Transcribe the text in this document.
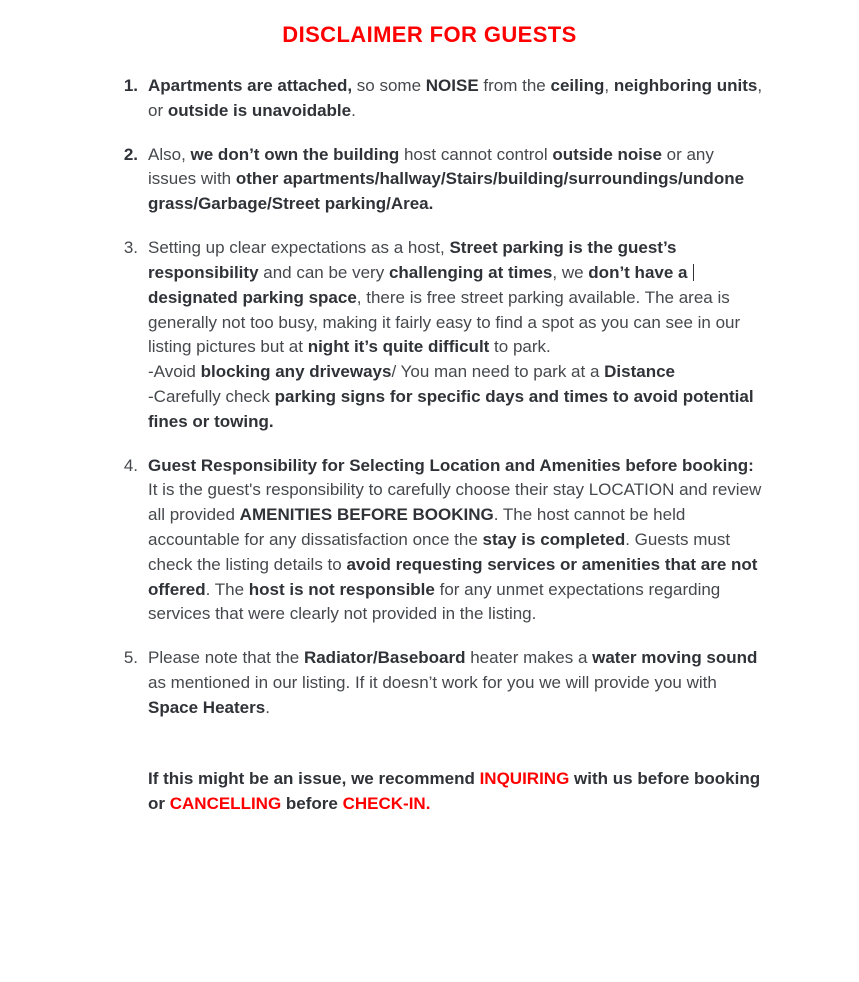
DISCLAIMER FOR GUESTS
1. Apartments are attached, so some NOISE from the ceiling, neighboring units, or outside is unavoidable.
2. Also, we don’t own the building host cannot control outside noise or any issues with other apartments/hallway/Stairs/building/surroundings/undone grass/Garbage/Street parking/Area.
3. Setting up clear expectations as a host, Street parking is the guest’s responsibility and can be very challenging at times, we don’t have a designated parking space, there is free street parking available. The area is generally not too busy, making it fairly easy to find a spot as you can see in our listing pictures but at night it’s quite difficult to park.
-Avoid blocking any driveways/ You man need to park at a Distance
-Carefully check parking signs for specific days and times to avoid potential fines or towing.
4. Guest Responsibility for Selecting Location and Amenities before booking: It is the guest's responsibility to carefully choose their stay LOCATION and review all provided AMENITIES BEFORE BOOKING. The host cannot be held accountable for any dissatisfaction once the stay is completed. Guests must check the listing details to avoid requesting services or amenities that are not offered. The host is not responsible for any unmet expectations regarding services that were clearly not provided in the listing.
5. Please note that the Radiator/Baseboard heater makes a water moving sound as mentioned in our listing. If it doesn’t work for you we will provide you with Space Heaters.
If this might be an issue, we recommend INQUIRING with us before booking or CANCELLING before CHECK-IN.
